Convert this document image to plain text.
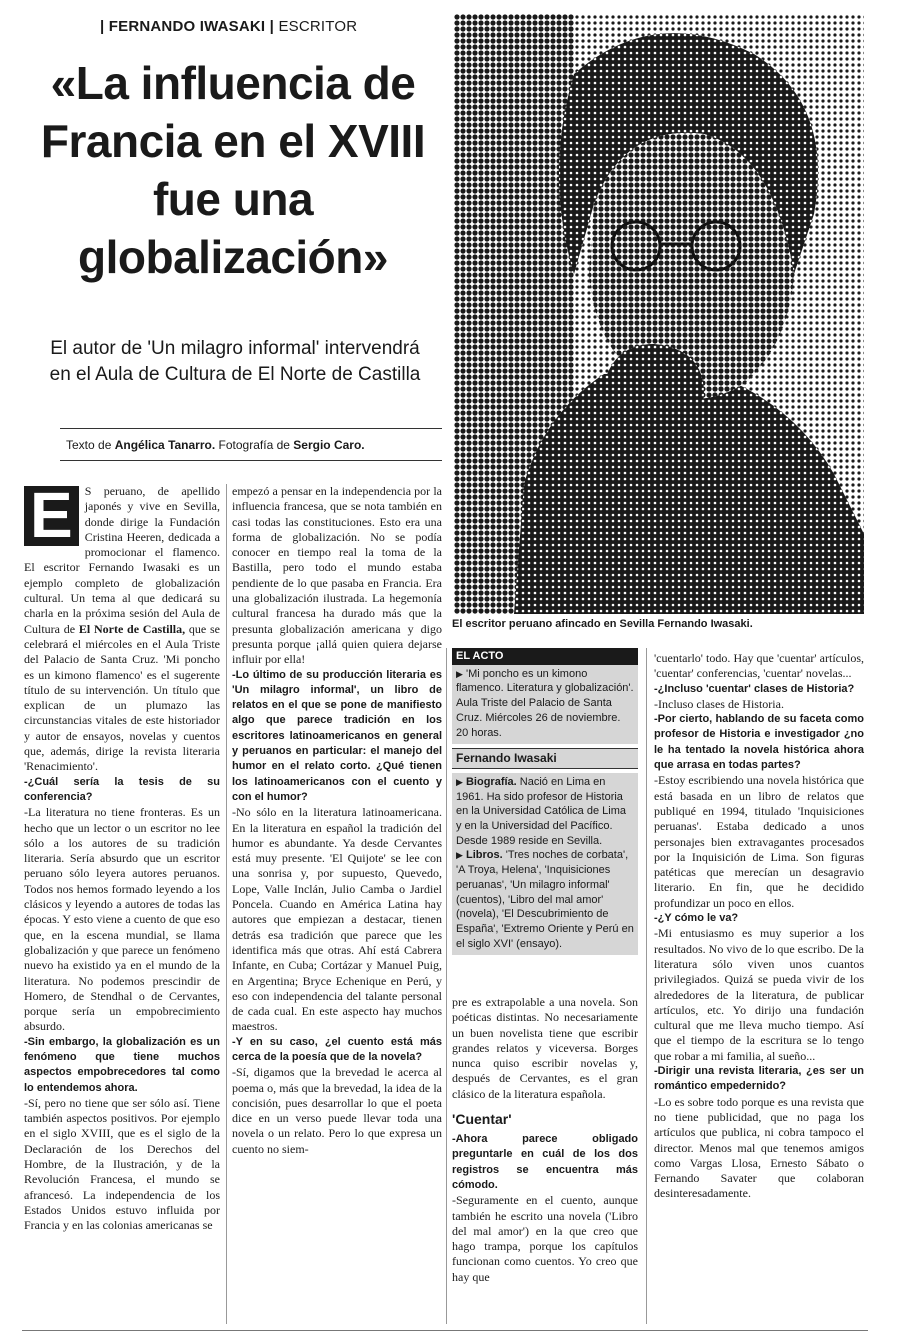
| FERNANDO IWASAKI | ESCRITOR
«La influencia de Francia en el XVIII fue una globalización»
El autor de 'Un milagro informal' intervendrá en el Aula de Cultura de El Norte de Castilla
Texto de Angélica Tanarro. Fotografía de Sergio Caro.
El escritor peruano afincado en Sevilla Fernando Iwasaki.

E	S peruano, de apellido japonés y vive en Sevilla, donde dirige la Fundación Cristina Heeren, dedicada a promocionar el flamenco. El escritor Fernando Iwasaki es un ejemplo completo de globalización cultural. Un tema al que dedicará su charla en la próxima sesión del Aula de Cultura de El Norte de Castilla, que se celebrará el miércoles en el Aula Triste del Palacio de Santa Cruz. 'Mi poncho es un kimono flamenco' es el sugerente título de su intervención. Un título que explican de un plumazo las circunstancias vitales de este historiador y autor de ensayos, novelas y cuentos que, además, dirige la revista literaria 'Renacimiento'.

-¿Cuál sería la tesis de su conferencia?

-La literatura no tiene fronteras. Es un hecho que un lector o un escritor no lee sólo a los autores de su tradición literaria. Sería absurdo que un escritor peruano sólo leyera autores peruanos. Todos nos hemos formado leyendo a los clásicos y leyendo a autores de todas las épocas. Y esto viene a cuento de que eso que, en la escena mundial, se llama globalización y que parece un fenómeno nuevo ha existido ya en el mundo de la literatura. No podemos prescindir de Homero, de Stendhal o de Cervantes, porque sería un empobrecimiento absurdo.

-Sin embargo, la globalización es un fenómeno que tiene muchos aspectos empobrecedores tal como lo entendemos ahora.

-Sí, pero no tiene que ser sólo así. Tiene también aspectos positivos. Por ejemplo en el siglo XVIII, que es el siglo de la Declaración de los Derechos del Hombre, de la Ilustración, y de la Revolución Francesa, el mundo se afrancesó. La independencia de los Estados Unidos estuvo influida por Francia y en las colonias americanas se

empezó a pensar en la independencia por la influencia francesa, que se nota también en casi todas las constituciones. Esto era una forma de globalización. No se podía conocer en tiempo real la toma de la Bastilla, pero todo el mundo estaba pendiente de lo que pasaba en Francia. Era una globalización ilustrada. La hegemonía cultural francesa ha durado más que la presunta globalización americana y digo presunta porque ¡allá quien quiera dejarse influir por ella!

-Lo último de su producción literaria es 'Un milagro informal', un libro de relatos en el que se pone de manifiesto algo que parece tradición en los escritores latinoamericanos en general y peruanos en particular: el manejo del humor en el relato corto. ¿Qué tienen los latinoamericanos con el cuento y con el humor?

-No sólo en la literatura latinoamericana. En la literatura en español la tradición del humor es abundante. Ya desde Cervantes está muy presente. 'El Quijote' se lee con una sonrisa y, por supuesto, Quevedo, Lope, Valle Inclán, Julio Camba o Jardiel Poncela. Cuando en América Latina hay autores que empiezan a destacar, tienen detrás esa tradición que parece que les identifica más que otras. Ahí está Cabrera Infante, en Cuba; Cortázar y Manuel Puig, en Argentina; Bryce Echenique en Perú, y eso con independencia del talante personal de cada cual. En este aspecto hay muchos maestros.

-Y en su caso, ¿el cuento está más cerca de la poesía que de la novela?

-Sí, digamos que la brevedad le acerca al poema o, más que la brevedad, la idea de la concisión, pues desarrollar lo que el poeta dice en un verso puede llevar toda una novela o un relato. Pero lo que expresa un cuento no siem-

EL ACTO
▶ 'Mi poncho es un kimono flamenco. Literatura y globalización'. Aula Triste del Palacio de Santa Cruz. Miércoles 26 de noviembre. 20 horas.
Fernando Iwasaki
▶ Biografía. Nació en Lima en 1961. Ha sido profesor de Historia en la Universidad Católica de Lima y en la Universidad del Pacífico. Desde 1989 reside en Sevilla.
▶ Libros. 'Tres noches de corbata', 'A Troya, Helena', 'Inquisiciones peruanas', 'Un milagro informal' (cuentos), 'Libro del mal amor' (novela), 'El Descubrimiento de España', 'Extremo Oriente y Perú en el siglo XVI' (ensayo).

pre es extrapolable a una novela. Son poéticas distintas. No necesariamente un buen novelista tiene que escribir grandes relatos y viceversa. Borges nunca quiso escribir novelas y, después de Cervantes, es el gran clásico de la literatura española.

'Cuentar'

-Ahora parece obligado preguntarle en cuál de los dos registros se encuentra más cómodo.

-Seguramente en el cuento, aunque también he escrito una novela ('Libro del mal amor') en la que creo que hago trampa, porque los capítulos funcionan como cuentos. Yo creo que hay que

'cuentarlo' todo. Hay que 'cuentar' artículos, 'cuentar' conferencias, 'cuentar' novelas...

-¿Incluso 'cuentar' clases de Historia?

-Incluso clases de Historia.

-Por cierto, hablando de su faceta como profesor de Historia e investigador ¿no le ha tentado la novela histórica ahora que arrasa en todas partes?

-Estoy escribiendo una novela histórica que está basada en un libro de relatos que publiqué en 1994, titulado 'Inquisiciones peruanas'. Estaba dedicado a unos personajes bien extravagantes procesados por la Inquisición de Lima. Son figuras patéticas que merecían un desagravio literario. En fin, que he decidido profundizar un poco en ellos.

-¿Y cómo le va?

-Mi entusiasmo es muy superior a los resultados. No vivo de lo que escribo. De la literatura sólo viven unos cuantos privilegiados. Quizá se pueda vivir de los alrededores de la literatura, de publicar artículos, etc. Yo dirijo una fundación cultural que me lleva mucho tiempo. Así que el tiempo de la escritura se lo tengo que robar a mi familia, al sueño...

-Dirigir una revista literaria, ¿es ser un romántico empedernido?

-Lo es sobre todo porque es una revista que no tiene publicidad, que no paga los artículos que publica, ni cobra tampoco el director. Menos mal que tenemos amigos como Vargas Llosa, Ernesto Sábato o Fernando Savater que colaboran desinteresadamente.
